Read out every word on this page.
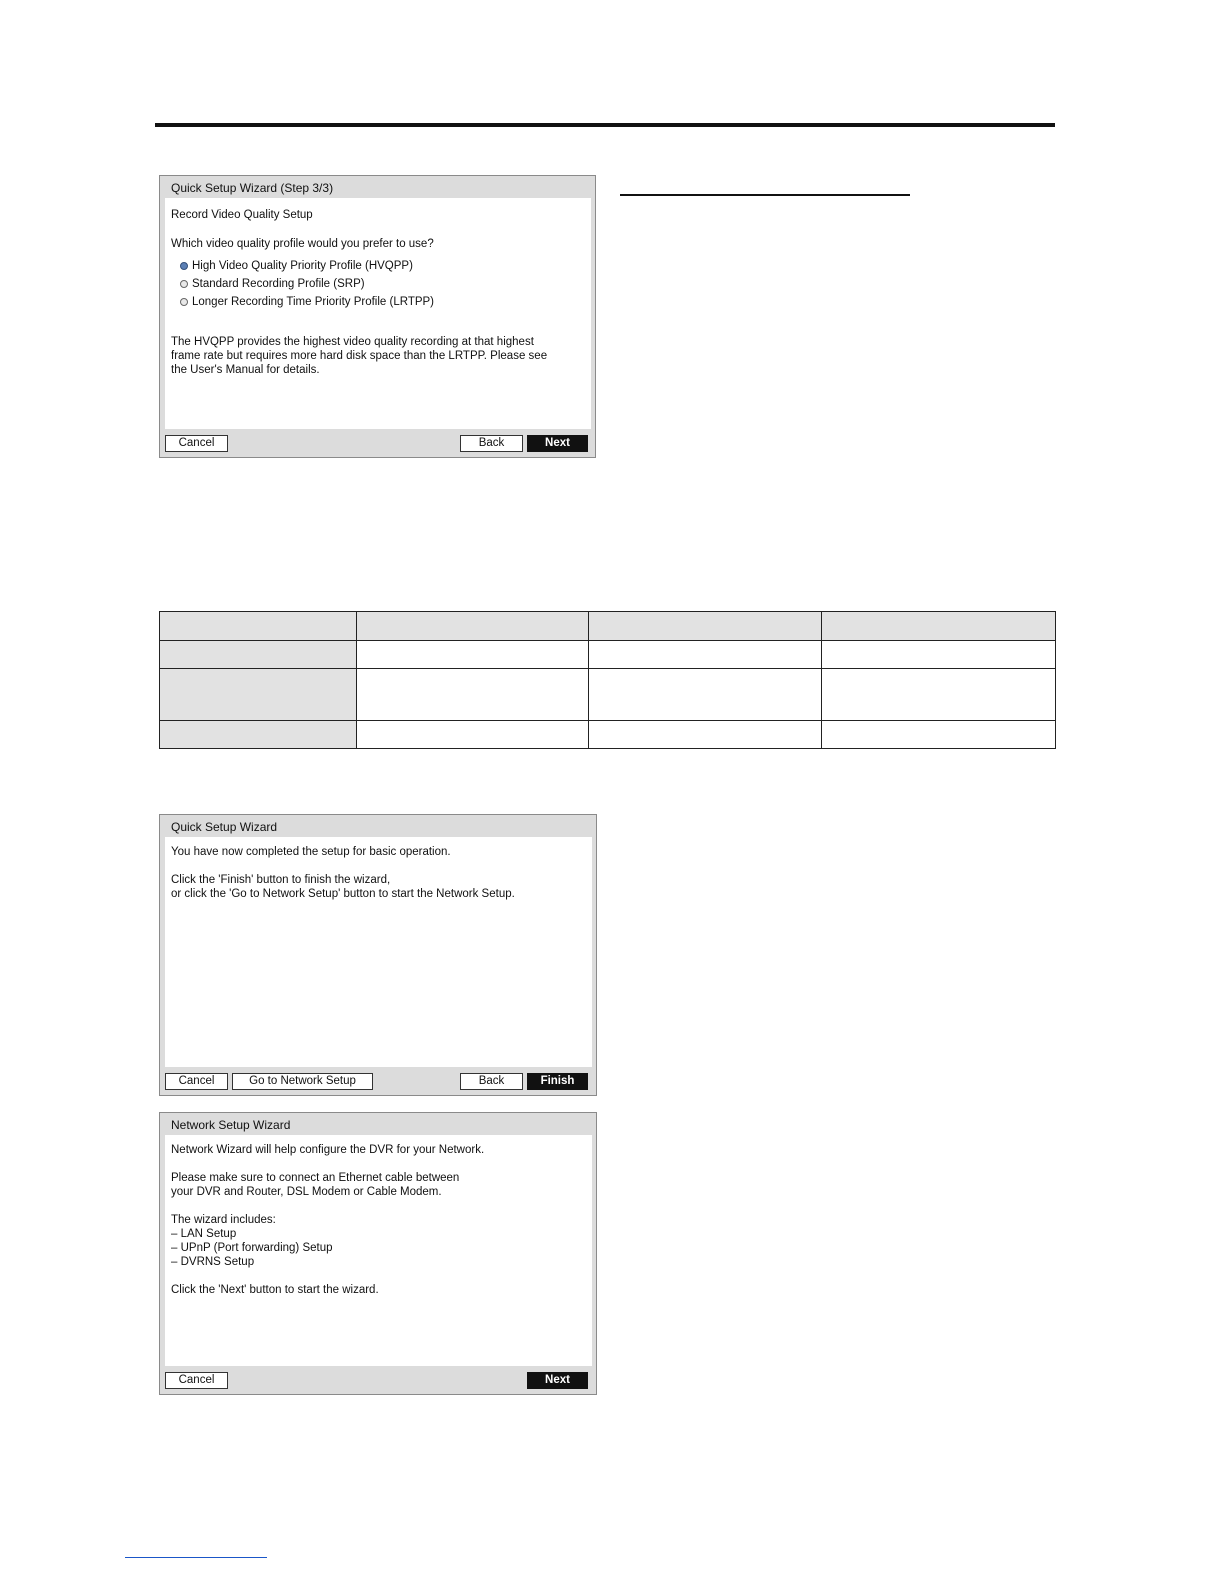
Quick Setup Wizard (Step 3/3)
Record Video Quality Setup
Which video quality profile would you prefer to use?
High Video Quality Priority Profile (HVQPP)
Standard Recording Profile (SRP)
Longer Recording Time Priority Profile (LRTPP)
The HVQPP provides the highest video quality recording at that highest
frame rate but requires more hard disk space than the LRTPP. Please see
the User's Manual for details.
Cancel	Back	Next

Quick Setup Wizard
You have now completed the setup for basic operation.
Click the 'Finish' button to finish the wizard,
or click the 'Go to Network Setup' button to start the Network Setup.
Cancel	Go to Network Setup	Back	Finish
Network Setup Wizard
Network Wizard will help configure the DVR for your Network.
Please make sure to connect an Ethernet cable between
your DVR and Router, DSL Modem or Cable Modem.
The wizard includes:
– LAN Setup
– UPnP (Port forwarding) Setup
– DVRNS Setup
Click the 'Next' button to start the wizard.
Cancel	Next
